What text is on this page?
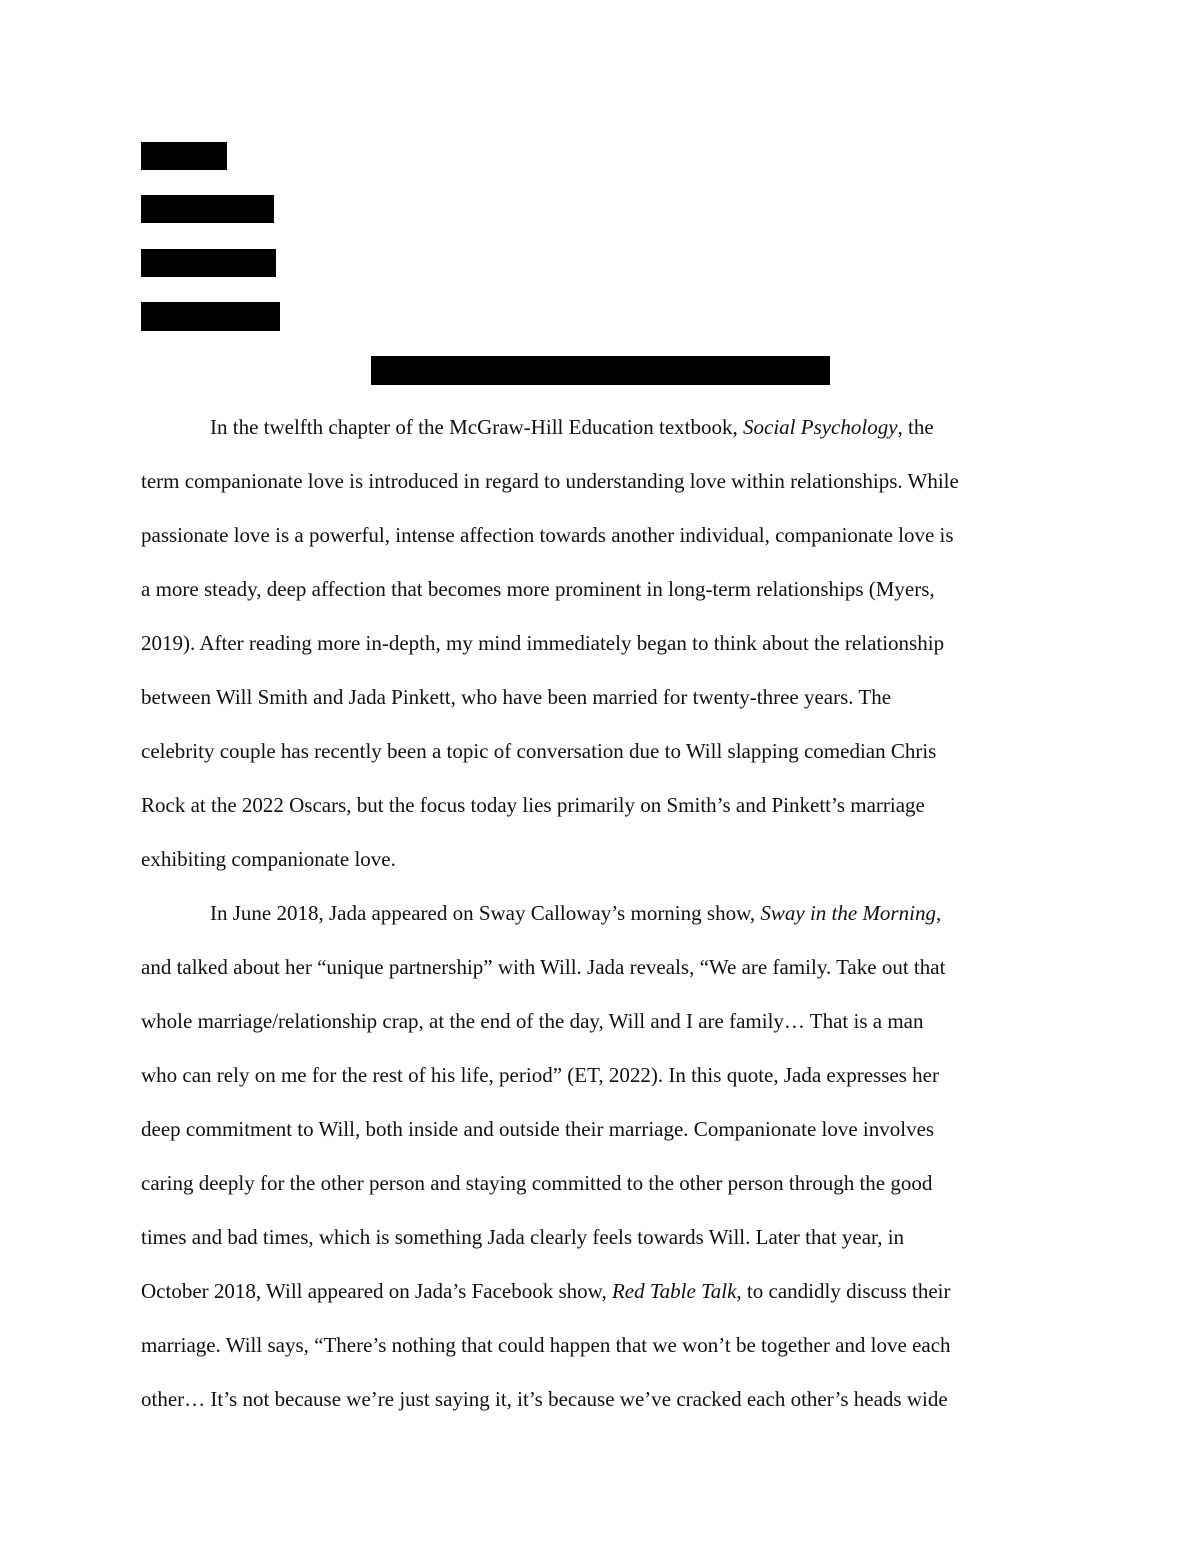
In the twelfth chapter of the McGraw-Hill Education textbook, Social Psychology, the
term companionate love is introduced in regard to understanding love within relationships. While
passionate love is a powerful, intense affection towards another individual, companionate love is
a more steady, deep affection that becomes more prominent in long-term relationships (Myers,
2019). After reading more in-depth, my mind immediately began to think about the relationship
between Will Smith and Jada Pinkett, who have been married for twenty-three years. The
celebrity couple has recently been a topic of conversation due to Will slapping comedian Chris
Rock at the 2022 Oscars, but the focus today lies primarily on Smith’s and Pinkett’s marriage
exhibiting companionate love.
In June 2018, Jada appeared on Sway Calloway’s morning show, Sway in the Morning,
and talked about her “unique partnership” with Will. Jada reveals, “We are family. Take out that
whole marriage/relationship crap, at the end of the day, Will and I are family… That is a man
who can rely on me for the rest of his life, period” (ET, 2022). In this quote, Jada expresses her
deep commitment to Will, both inside and outside their marriage. Companionate love involves
caring deeply for the other person and staying committed to the other person through the good
times and bad times, which is something Jada clearly feels towards Will. Later that year, in
October 2018, Will appeared on Jada’s Facebook show, Red Table Talk, to candidly discuss their
marriage. Will says, “There’s nothing that could happen that we won’t be together and love each
other… It’s not because we’re just saying it, it’s because we’ve cracked each other’s heads wide
